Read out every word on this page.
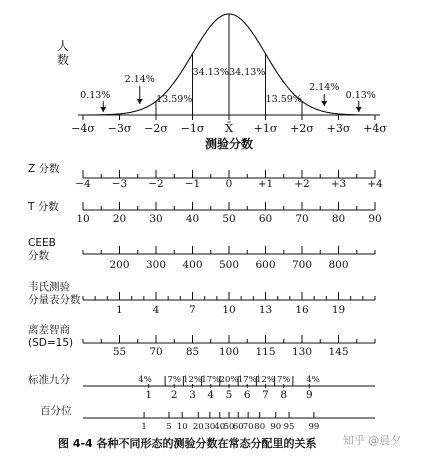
人数
13.59%
34.13% 34.13%
13.59%
2.14%
2.14%
0.13%	0.13%
−4σ −3σ −2σ −1σ X̄ +1σ +2σ +3σ +4σ
测验分数
Z 分数
−4 −3 −2 −1 0 +1 +2 +3 +4
T 分数
10 20 30 40 50 60 70 80 90
CEEB 分数
200 300 400 500 600 700 800
韦氏测验分量表分数
1	4	7	10 13 16 19
离差智商(SD=15)
55 70 85 100 115 130 145
标准九分	4% 7% 12% 17% 20% 17% 12% 7% 4%
1 2 3 4 5 6 7 8 9
百分位
1 5 10 20 30 40
50
60 70 80 90 95 99
图 4-4 各种不同形态的测验分数在常态分配里的关系 知乎 @晨夕
